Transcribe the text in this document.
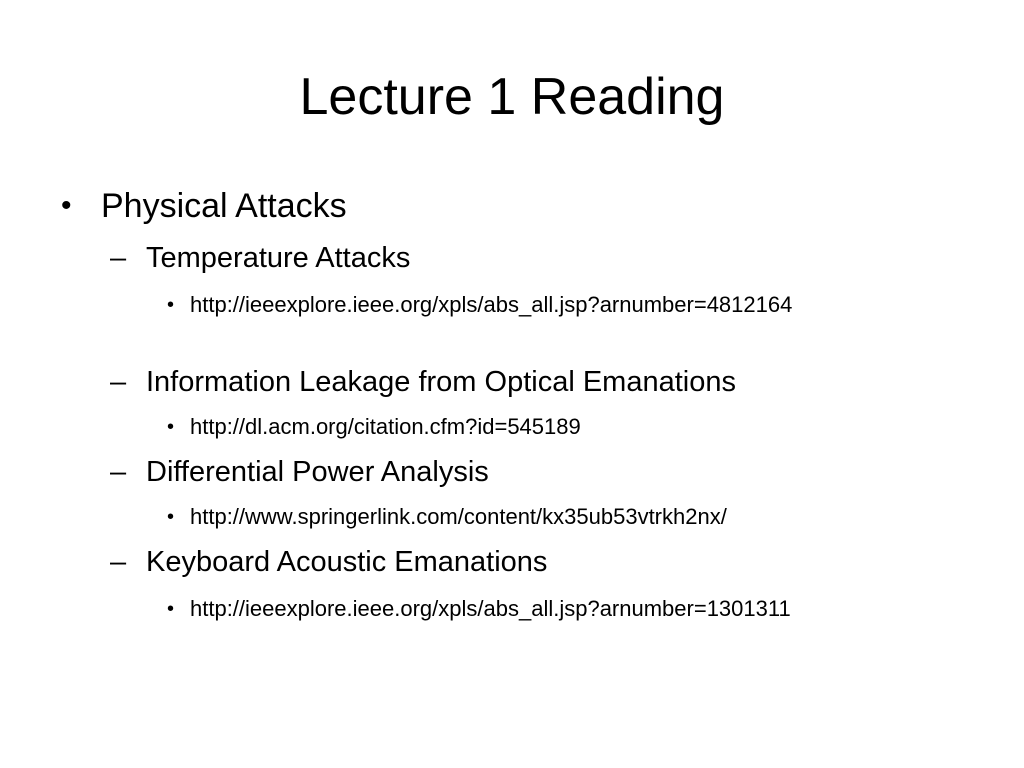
Lecture 1 Reading
• Physical Attacks
– Temperature Attacks
• http://ieeexplore.ieee.org/xpls/abs_all.jsp?arnumber=4812164
– Information Leakage from Optical Emanations
• http://dl.acm.org/citation.cfm?id=545189
– Differential Power Analysis
• http://www.springerlink.com/content/kx35ub53vtrkh2nx/
– Keyboard Acoustic Emanations
• http://ieeexplore.ieee.org/xpls/abs_all.jsp?arnumber=1301311
